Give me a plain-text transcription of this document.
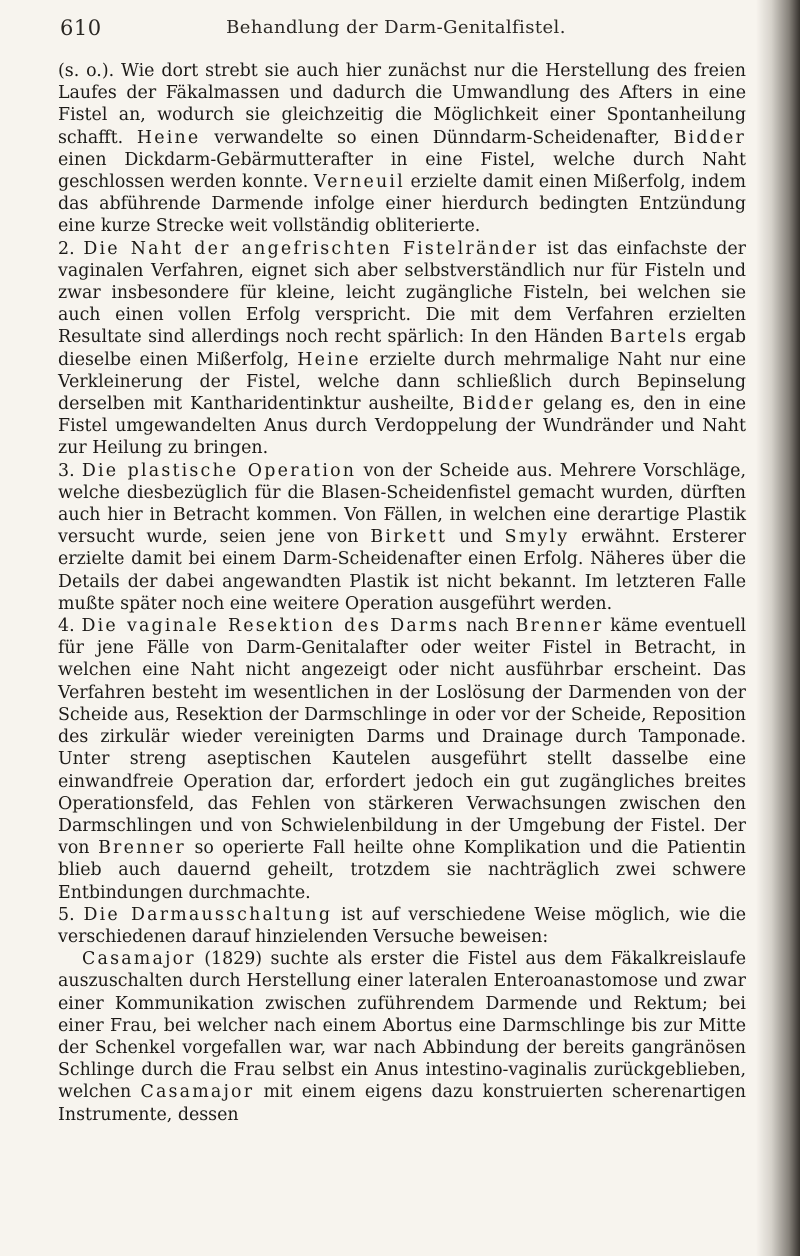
610	Behandlung der Darm-Genitalfistel.

(s. o.). Wie dort strebt sie auch hier zunächst nur die Herstellung des freien Laufes der Fäkalmassen und dadurch die Umwandlung des Afters in eine Fistel an, wodurch sie gleichzeitig die Möglichkeit einer Spontanheilung schafft. Heine verwandelte so einen Dünndarm-Scheidenafter, Bidder einen Dickdarm-Gebärmutterafter in eine Fistel, welche durch Naht geschlossen werden konnte. Verneuil erzielte damit einen Mißerfolg, indem das abführende Darmende infolge einer hierdurch bedingten Entzündung eine kurze Strecke weit vollständig obliterierte.

2. Die Naht der angefrischten Fistelränder ist das einfachste der vaginalen Verfahren, eignet sich aber selbstverständlich nur für Fisteln und zwar insbesondere für kleine, leicht zugängliche Fisteln, bei welchen sie auch einen vollen Erfolg verspricht. Die mit dem Verfahren erzielten Resultate sind allerdings noch recht spärlich: In den Händen Bartels ergab dieselbe einen Mißerfolg, Heine erzielte durch mehrmalige Naht nur eine Verkleinerung der Fistel, welche dann schließlich durch Bepinselung derselben mit Kantharidentinktur ausheilte, Bidder gelang es, den in eine Fistel umgewandelten Anus durch Verdoppelung der Wundränder und Naht zur Heilung zu bringen.

3. Die plastische Operation von der Scheide aus. Mehrere Vorschläge, welche diesbezüglich für die Blasen-Scheidenfistel gemacht wurden, dürften auch hier in Betracht kommen. Von Fällen, in welchen eine derartige Plastik versucht wurde, seien jene von Birkett und Smyly erwähnt. Ersterer erzielte damit bei einem Darm-Scheidenafter einen Erfolg. Näheres über die Details der dabei angewandten Plastik ist nicht bekannt. Im letzteren Falle mußte später noch eine weitere Operation ausgeführt werden.

4. Die vaginale Resektion des Darms nach Brenner käme eventuell für jene Fälle von Darm-Genitalafter oder weiter Fistel in Betracht, in welchen eine Naht nicht angezeigt oder nicht ausführbar erscheint. Das Verfahren besteht im wesentlichen in der Loslösung der Darmenden von der Scheide aus, Resektion der Darmschlinge in oder vor der Scheide, Reposition des zirkulär wieder vereinigten Darms und Drainage durch Tamponade. Unter streng aseptischen Kautelen ausgeführt stellt dasselbe eine einwandfreie Operation dar, erfordert jedoch ein gut zugängliches breites Operationsfeld, das Fehlen von stärkeren Verwachsungen zwischen den Darmschlingen und von Schwielenbildung in der Umgebung der Fistel. Der von Brenner so operierte Fall heilte ohne Komplikation und die Patientin blieb auch dauernd geheilt, trotzdem sie nachträglich zwei schwere Entbindungen durchmachte.

5. Die Darmausschaltung ist auf verschiedene Weise möglich, wie die verschiedenen darauf hinzielenden Versuche beweisen:

Casamajor (1829) suchte als erster die Fistel aus dem Fäkalkreislaufe auszuschalten durch Herstellung einer lateralen Enteroanastomose und zwar einer Kommunikation zwischen zuführendem Darmende und Rektum; bei einer Frau, bei welcher nach einem Abortus eine Darmschlinge bis zur Mitte der Schenkel vorgefallen war, war nach Abbindung der bereits gangränösen Schlinge durch die Frau selbst ein Anus intestino-vaginalis zurückgeblieben, welchen Casamajor mit einem eigens dazu konstruierten scherenartigen Instrumente, dessen
